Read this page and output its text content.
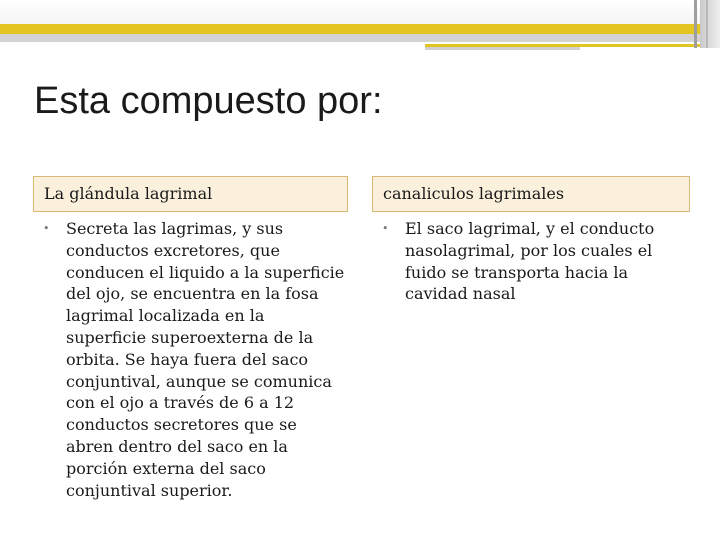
Esta compuesto por:
La glándula lagrimal	canaliculos lagrimales
•	Secreta las lagrimas, y sus conductos excretores, que conducen el liquido a la superficie del ojo, se encuentra en la fosa lagrimal localizada en la superficie superoexterna de la orbita. Se haya fuera del saco conjuntival, aunque se comunica con el ojo a través de 6 a 12 conductos secretores que se abren dentro del saco en la porción externa del saco conjuntival superior.
•	El saco lagrimal, y el conducto nasolagrimal, por los cuales el fuido se transporta hacia la cavidad nasal
